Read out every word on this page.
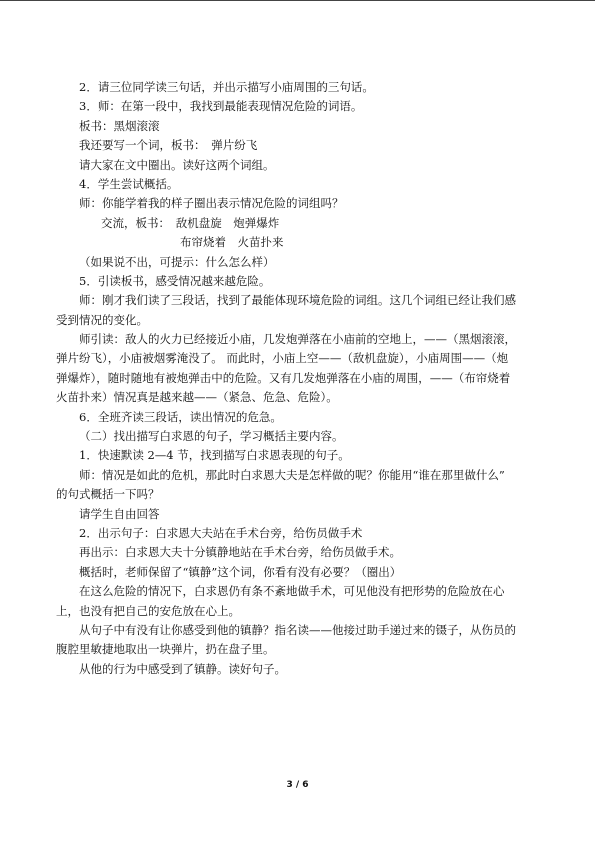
2．请三位同学读三句话，并出示描写小庙周围的三句话。
3．师：在第一段中，我找到最能表现情况危险的词语。
板书：黑烟滚滚
我还要写一个词，板书：　弹片纷飞
请大家在文中圈出。读好这两个词组。
4．学生尝试概括。
师：你能学着我的样子圈出表示情况危险的词组吗？
交流，板书：　敌机盘旋　炮弹爆炸
布帘烧着　火苗扑来
（如果说不出，可提示：什么怎么样）
5．引读板书，感受情况越来越危险。
师：刚才我们读了三段话，找到了最能体现环境危险的词组。这几个词组已经让我们感
受到情况的变化。
师引读：敌人的火力已经接近小庙，几发炮弹落在小庙前的空地上，——（黑烟滚滚，
弹片纷飞），小庙被烟雾淹没了。 而此时，小庙上空——（敌机盘旋），小庙周围——（炮
弹爆炸），随时随地有被炮弹击中的危险。又有几发炮弹落在小庙的周围，——（布帘烧着
火苗扑来）情况真是越来越——（紧急、危急、危险）。
6．全班齐读三段话，读出情况的危急。
（二）找出描写白求恩的句子，学习概括主要内容。
1．快速默读 2—4 节，找到描写白求恩表现的句子。
师：情况是如此的危机，那此时白求恩大夫是怎样做的呢？你能用“谁在那里做什么”
的句式概括一下吗？
请学生自由回答
2．出示句子：白求恩大夫站在手术台旁，给伤员做手术
再出示：白求恩大夫十分镇静地站在手术台旁，给伤员做手术。
概括时，老师保留了“镇静”这个词，你看有没有必要？（圈出）
在这么危险的情况下，白求恩仍有条不紊地做手术，可见他没有把形势的危险放在心
上，也没有把自己的安危放在心上。
从句子中有没有让你感受到他的镇静？指名读——他接过助手递过来的镊子，从伤员的
腹腔里敏捷地取出一块弹片，扔在盘子里。
从他的行为中感受到了镇静。读好句子。
3 / 6
